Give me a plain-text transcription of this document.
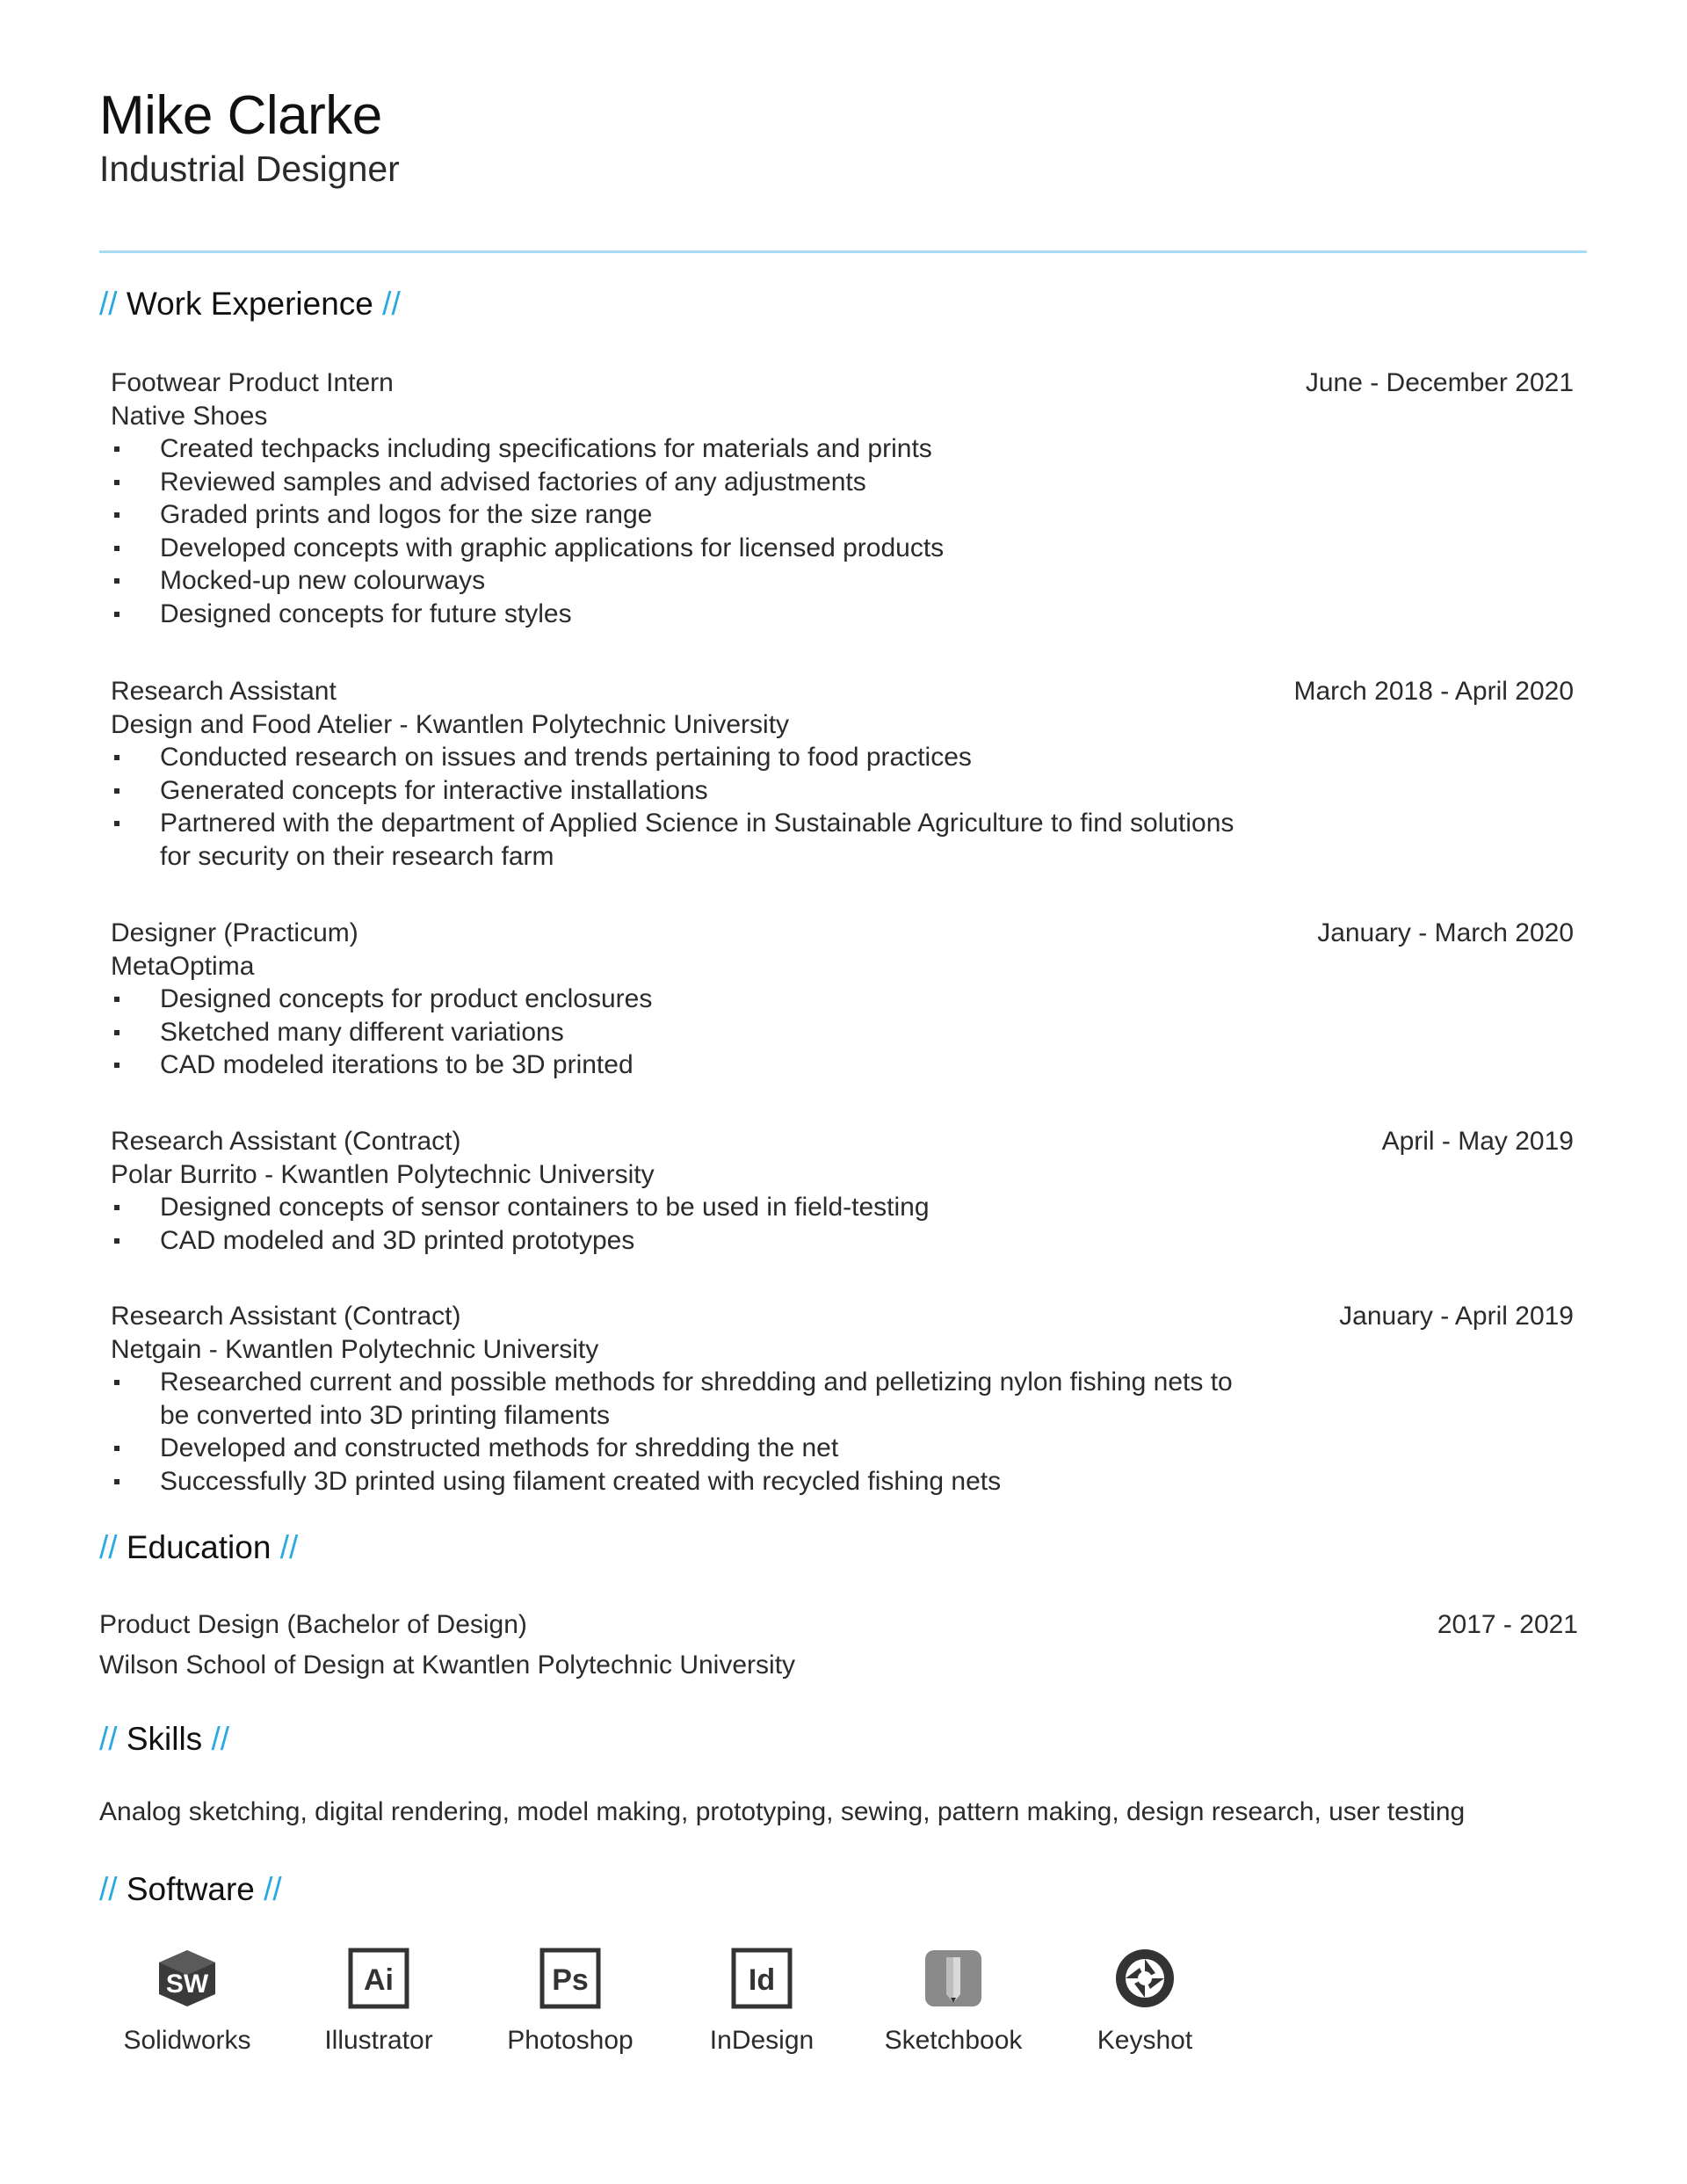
Mike Clarke
Industrial Designer
// Work Experience //
Footwear Product Intern	June - December 2021
Native Shoes
Created techpacks including specifications for materials and prints
Reviewed samples and advised factories of any adjustments
Graded prints and logos for the size range
Developed concepts with graphic applications for licensed products
Mocked-up new colourways
Designed concepts for future styles
Research Assistant	March 2018 - April 2020
Design and Food Atelier - Kwantlen Polytechnic University
Conducted research on issues and trends pertaining to food practices
Generated concepts for interactive installations
Partnered with the department of Applied Science in Sustainable Agriculture to find solutions for security on their research farm
Designer (Practicum)	January - March 2020
MetaOptima
Designed concepts for product enclosures
Sketched many different variations
CAD modeled iterations to be 3D printed
Research Assistant (Contract)	April - May 2019
Polar Burrito - Kwantlen Polytechnic University
Designed concepts of sensor containers to be used in field-testing
CAD modeled and 3D printed prototypes
Research Assistant (Contract)	January - April 2019
Netgain - Kwantlen Polytechnic University
Researched current and possible methods for shredding and pelletizing nylon fishing nets to be converted into 3D printing filaments
Developed and constructed methods for shredding the net
Successfully 3D printed using filament created with recycled fishing nets
// Education //
Product Design (Bachelor of Design)	2017 - 2021
Wilson School of Design at Kwantlen Polytechnic University
// Skills //
Analog sketching, digital rendering, model making, prototyping, sewing, pattern making, design research, user testing
// Software //
SW
Solidworks
Ai
Illustrator
Ps
Photoshop
Id
InDesign	Sketchbook	Keyshot
